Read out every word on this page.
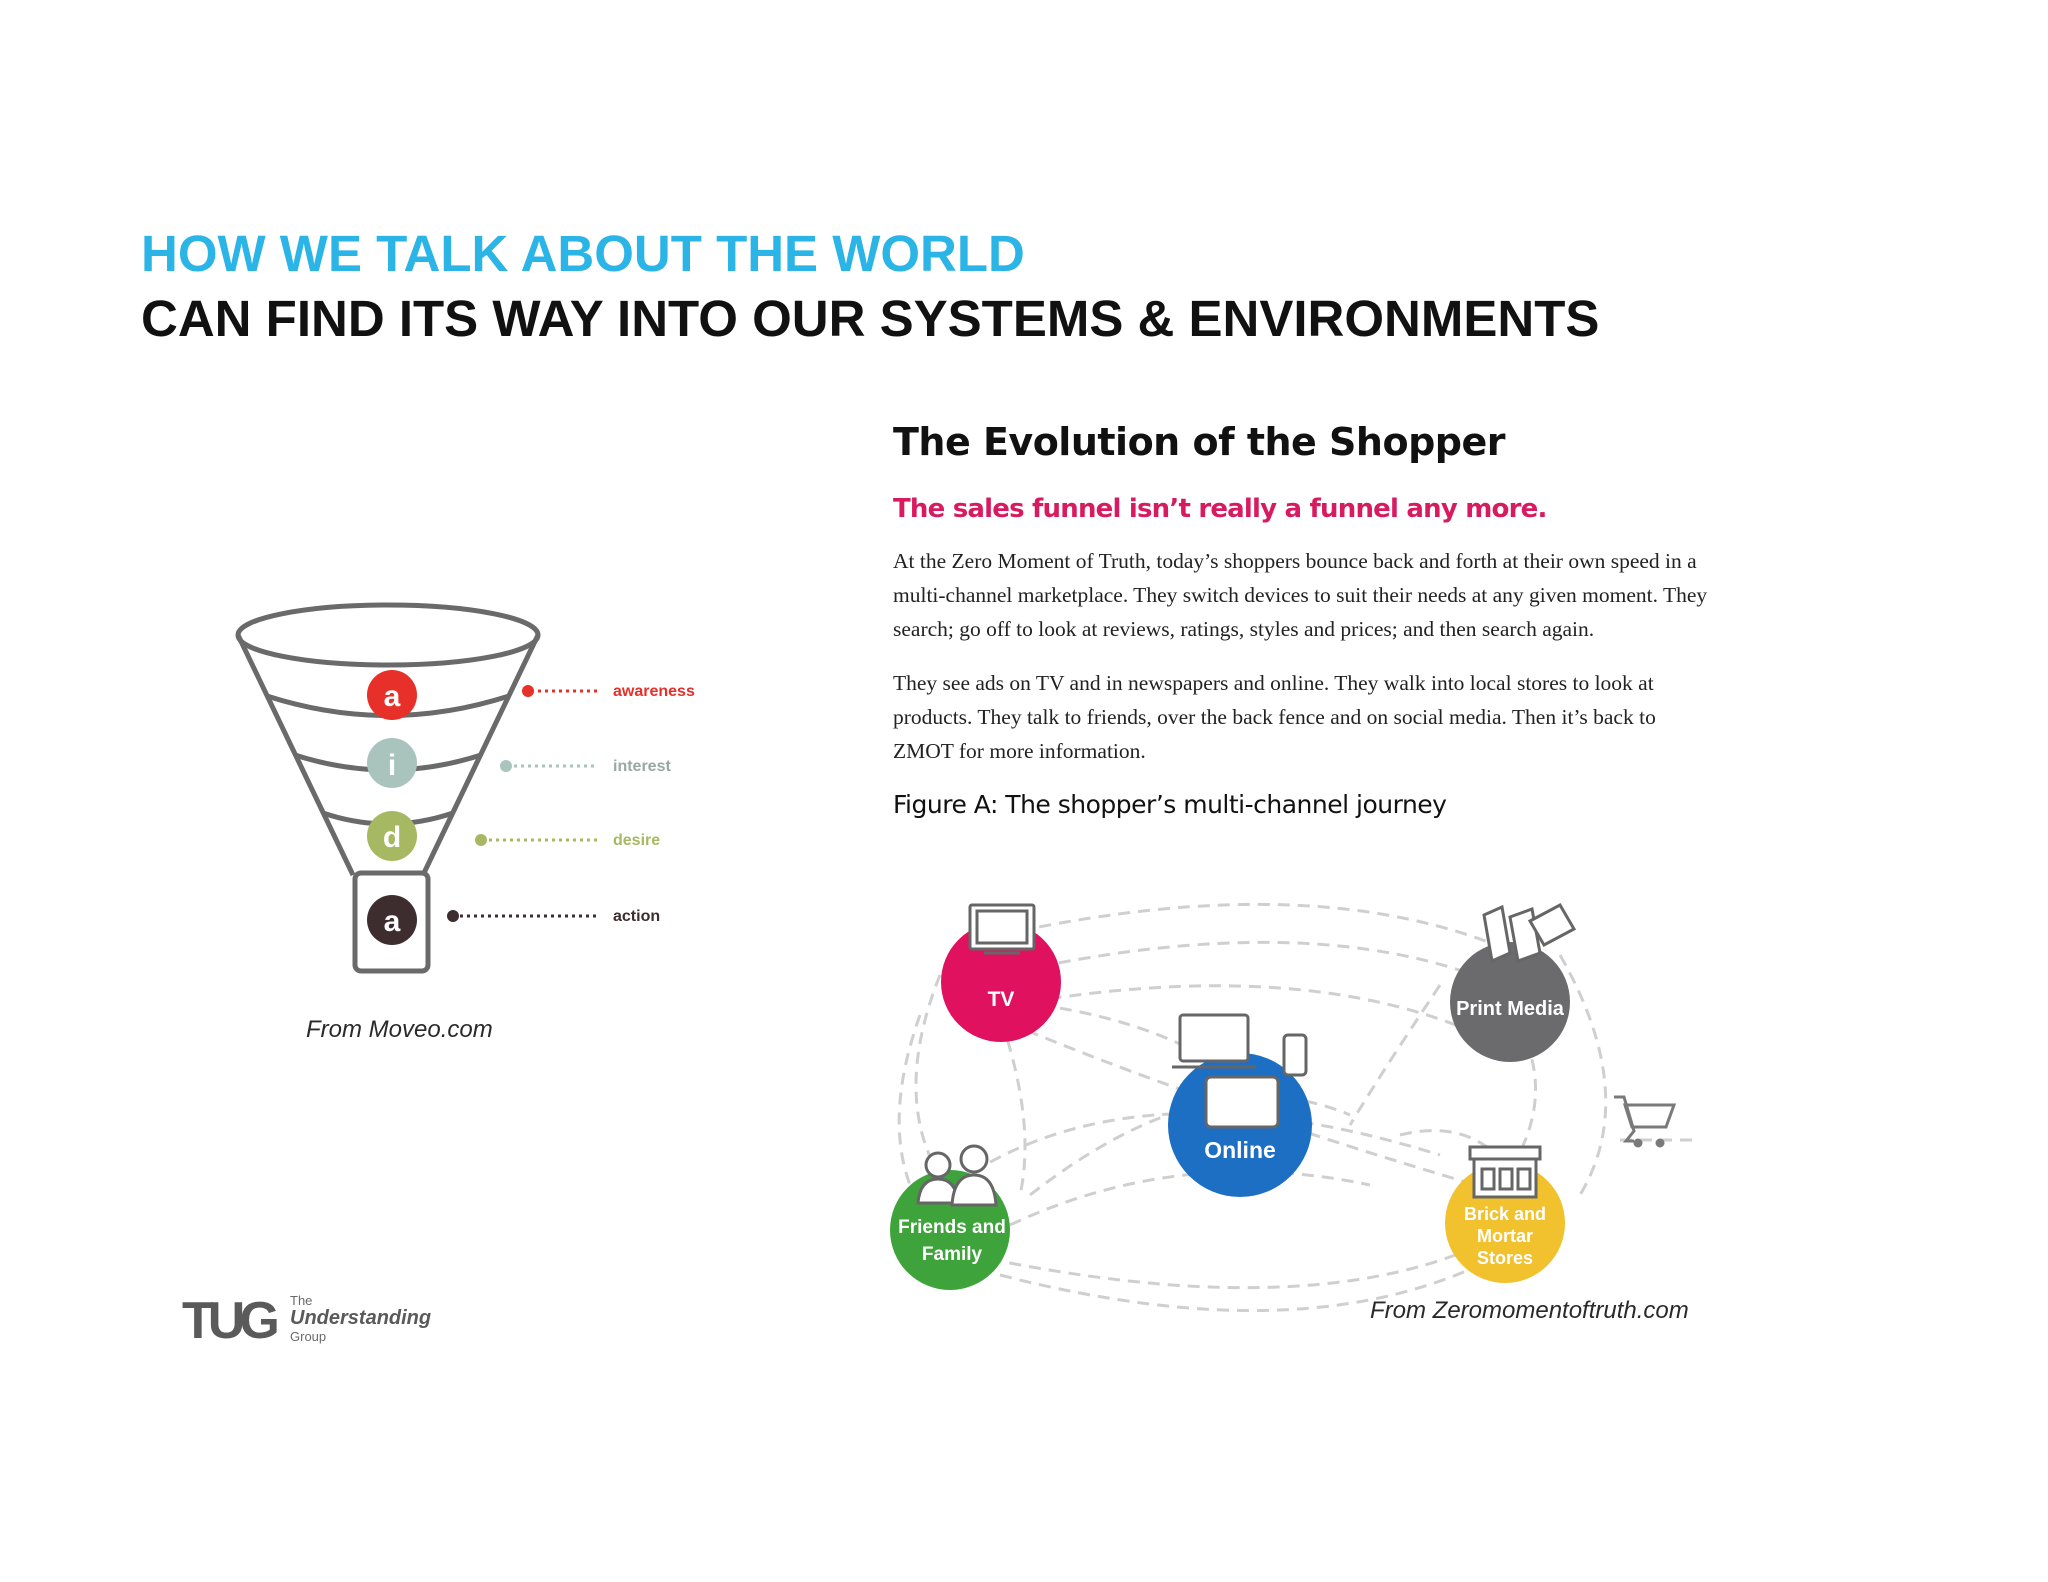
HOW WE TALK ABOUT THE WORLD
CAN FIND ITS WAY INTO OUR SYSTEMS & ENVIRONMENTS
a
i
d
a
awareness
interest
desire
action

From Moveo.com

The Evolution of the Shopper

The sales funnel isn’t really a funnel any more.

At the Zero Moment of Truth, today’s shoppers bounce back and forth at their own speed in a multi-channel marketplace. They switch devices to suit their needs at any given moment. They search; go off to look at reviews, ratings, styles and prices; and then search again.

They see ads on TV and in newspapers and online. They walk into local stores to look at products. They talk to friends, over the back fence and on social media. Then it’s back to ZMOT for more information.

Figure A: The shopper’s multi-channel journey

TV	Print Media
Online
Friends and
Family
Brick and
Mortar
Stores

From Zeromomentoftruth.com

TUG The
Understanding
Group
